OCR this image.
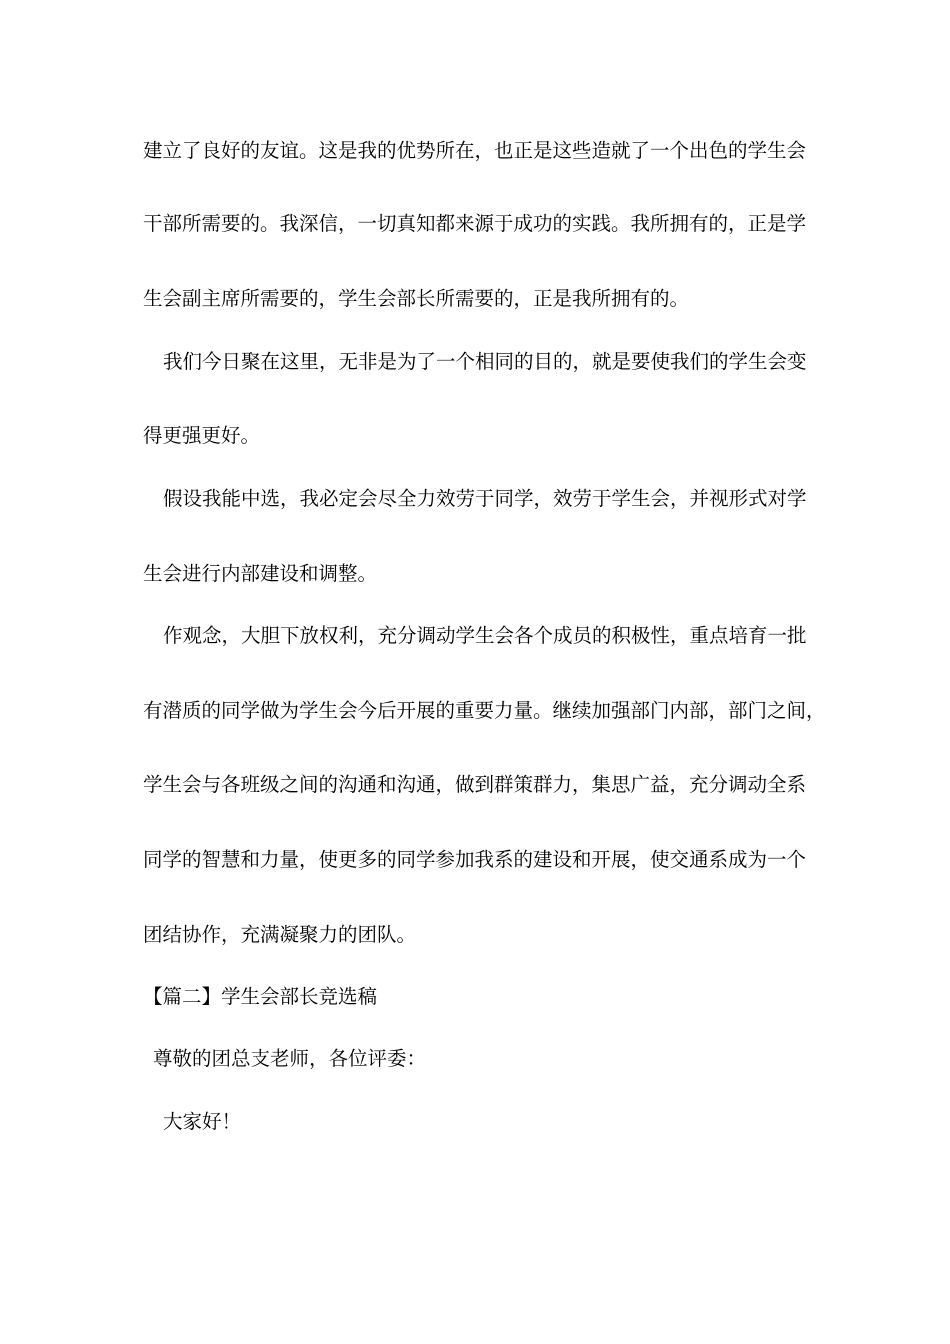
建立了良好的友谊。这是我的优势所在，也正是这些造就了一个出色的学生会
干部所需要的。我深信，一切真知都来源于成功的实践。我所拥有的，正是学
生会副主席所需要的，学生会部长所需要的，正是我所拥有的。
我们今日聚在这里，无非是为了一个相同的目的，就是要使我们的学生会变
得更强更好。
假设我能中选，我必定会尽全力效劳于同学，效劳于学生会，并视形式对学
生会进行内部建设和调整。
作观念，大胆下放权利，充分调动学生会各个成员的积极性，重点培育一批
有潜质的同学做为学生会今后开展的重要力量。继续加强部门内部，部门之间，
学生会与各班级之间的沟通和沟通，做到群策群力，集思广益，充分调动全系
同学的智慧和力量，使更多的同学参加我系的建设和开展，使交通系成为一个
团结协作，充满凝聚力的团队。
【篇二】学生会部长竞选稿
尊敬的团总支老师，各位评委：
大家好！
